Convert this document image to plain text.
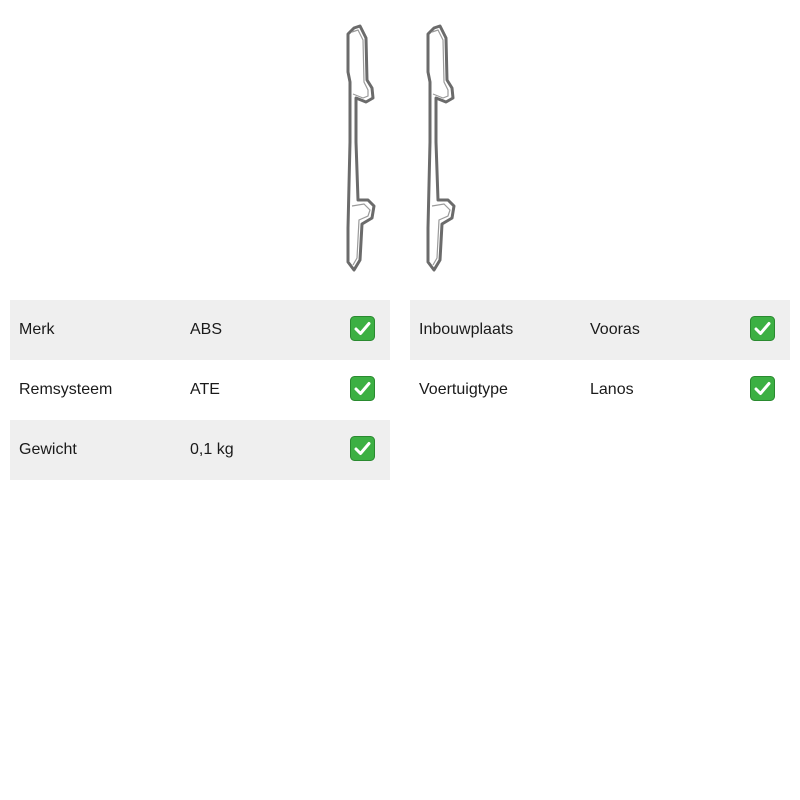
Merk	ABS
Remsysteem	ATE
Gewicht	0,1 kg
Inbouwplaats	Vooras
Voertuigtype	Lanos
